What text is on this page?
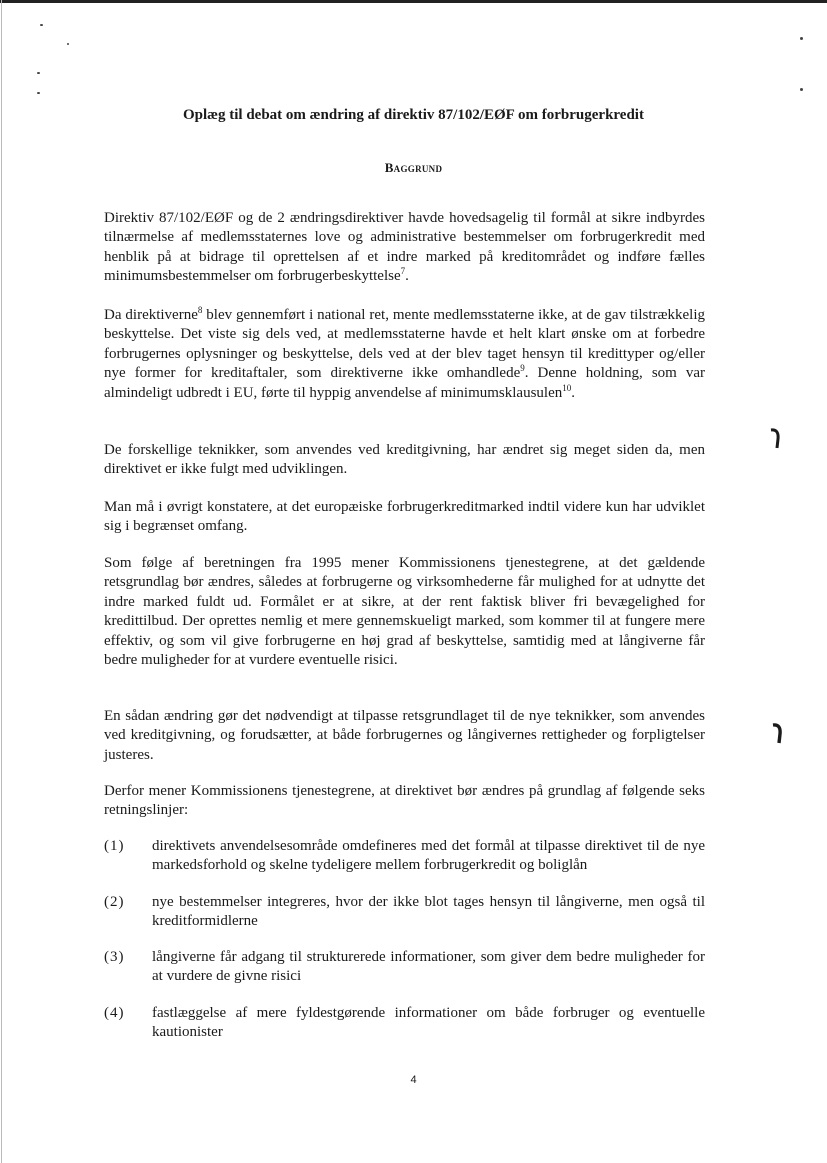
Oplæg til debat om ændring af direktiv 87/102/EØF om forbrugerkredit
Baggrund

Direktiv 87/102/EØF og de 2 ændringsdirektiver havde hovedsagelig til formål at sikre indbyrdes tilnærmelse af medlemsstaternes love og administrative bestemmelser om forbrugerkredit med henblik på at bidrage til oprettelsen af et indre marked på kreditområdet og indføre fælles minimumsbestemmelser om forbrugerbeskyttelse$^7$.

Da direktiverne$^8$ blev gennemført i national ret, mente medlemsstaterne ikke, at de gav tilstrækkelig beskyttelse. Det viste sig dels ved, at medlemsstaterne havde et helt klart ønske om at forbedre forbrugernes oplysninger og beskyttelse, dels ved at der blev taget hensyn til kredittyper og/eller nye former for kreditaftaler, som direktiverne ikke omhandlede$^9$. Denne holdning, som var almindeligt udbredt i EU, førte til hyppig anvendelse af minimumsklausulen$^{10}$.

De forskellige teknikker, som anvendes ved kreditgivning, har ændret sig meget siden da, men direktivet er ikke fulgt med udviklingen.

Man må i øvrigt konstatere, at det europæiske forbrugerkreditmarked indtil videre kun har udviklet sig i begrænset omfang.

Som følge af beretningen fra 1995 mener Kommissionens tjenestegrene, at det gældende retsgrundlag bør ændres, således at forbrugerne og virksomhederne får mulighed for at udnytte det indre marked fuldt ud. Formålet er at sikre, at der rent faktisk bliver fri bevægelighed for kredittilbud. Der oprettes nemlig et mere gennemskueligt marked, som kommer til at fungere mere effektiv, og som vil give forbrugerne en høj grad af beskyttelse, samtidig med at långiverne får bedre muligheder for at vurdere eventuelle risici.

En sådan ændring gør det nødvendigt at tilpasse retsgrundlaget til de nye teknikker, som anvendes ved kreditgivning, og forudsætter, at både forbrugernes og långivernes rettigheder og forpligtelser justeres.

Derfor mener Kommissionens tjenestegrene, at direktivet bør ændres på grundlag af følgende seks retningslinjer:

(1) direktivets anvendelsesområde omdefineres med det formål at tilpasse direktivet til de nye markedsforhold og skelne tydeligere mellem forbrugerkredit og boliglån

(2) nye bestemmelser integreres, hvor der ikke blot tages hensyn til långiverne, men også til kreditformidlerne

(3) långiverne får adgang til strukturerede informationer, som giver dem bedre muligheder for at vurdere de givne risici

(4) fastlæggelse af mere fyldestgørende informationer om både forbruger og eventuelle kautionister

4
